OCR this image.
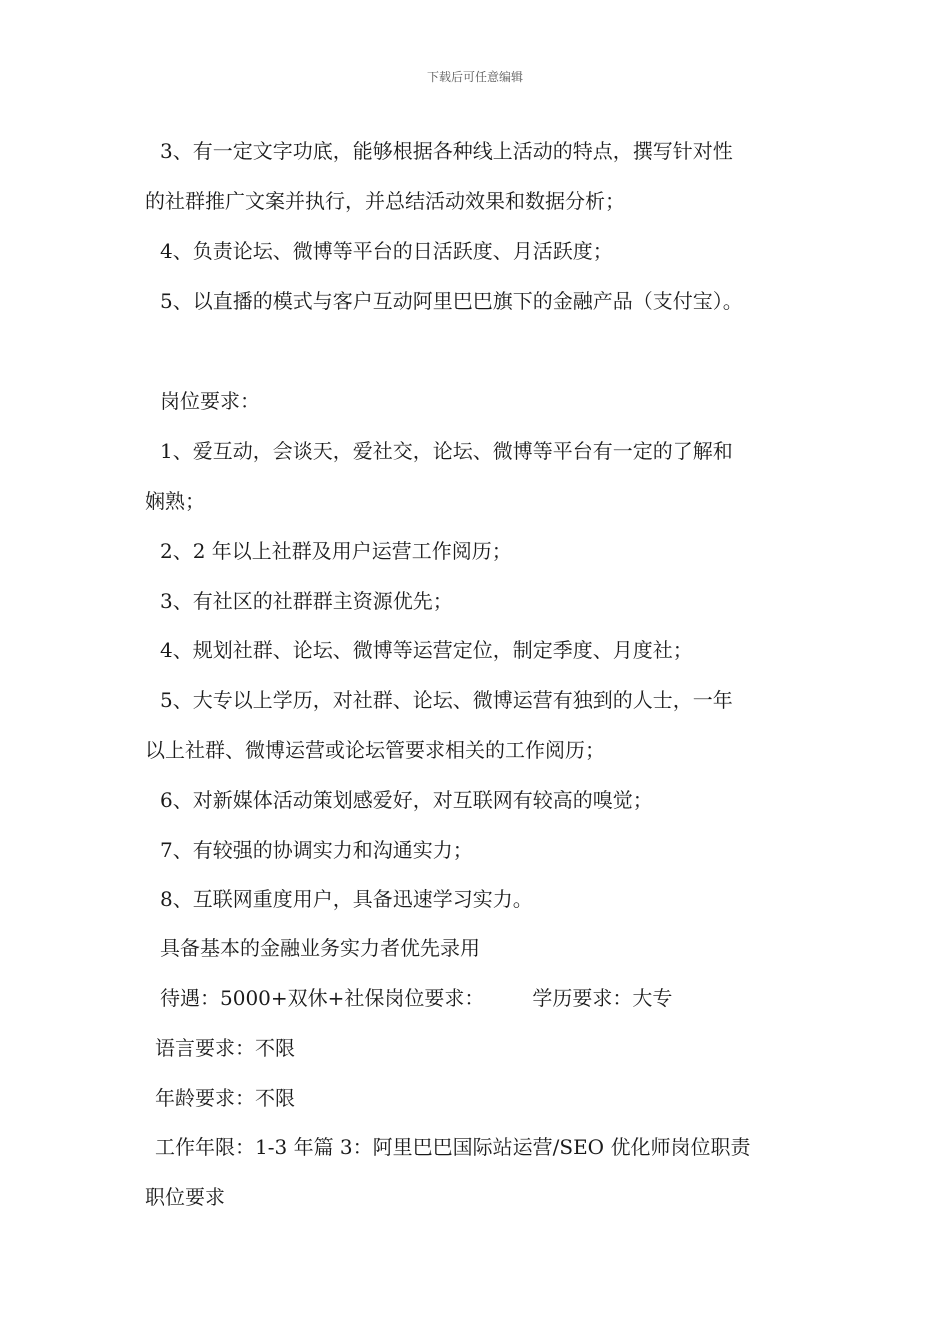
下载后可任意编辑
3、有一定文字功底，能够根据各种线上活动的特点，撰写针对性
的社群推广文案并执行，并总结活动效果和数据分析；
4、负责论坛、微博等平台的日活跃度、月活跃度；
5、以直播的模式与客户互动阿里巴巴旗下的金融产品（支付宝）。
岗位要求：
1、爱互动，会谈天，爱社交，论坛、微博等平台有一定的了解和
娴熟；
2、2 年以上社群及用户运营工作阅历；
3、有社区的社群群主资源优先；
4、规划社群、论坛、微博等运营定位，制定季度、月度社；
5、大专以上学历，对社群、论坛、微博运营有独到的人士，一年
以上社群、微博运营或论坛管要求相关的工作阅历；
6、对新媒体活动策划感爱好，对互联网有较高的嗅觉；
7、有较强的协调实力和沟通实力；
8、互联网重度用户，具备迅速学习实力。
具备基本的金融业务实力者优先录用
待遇：5000+双休+社保岗位要求： 学历要求：大专
语言要求：不限
年龄要求：不限
工作年限：1-3 年篇 3：阿里巴巴国际站运营/SEO 优化师岗位职责
职位要求
